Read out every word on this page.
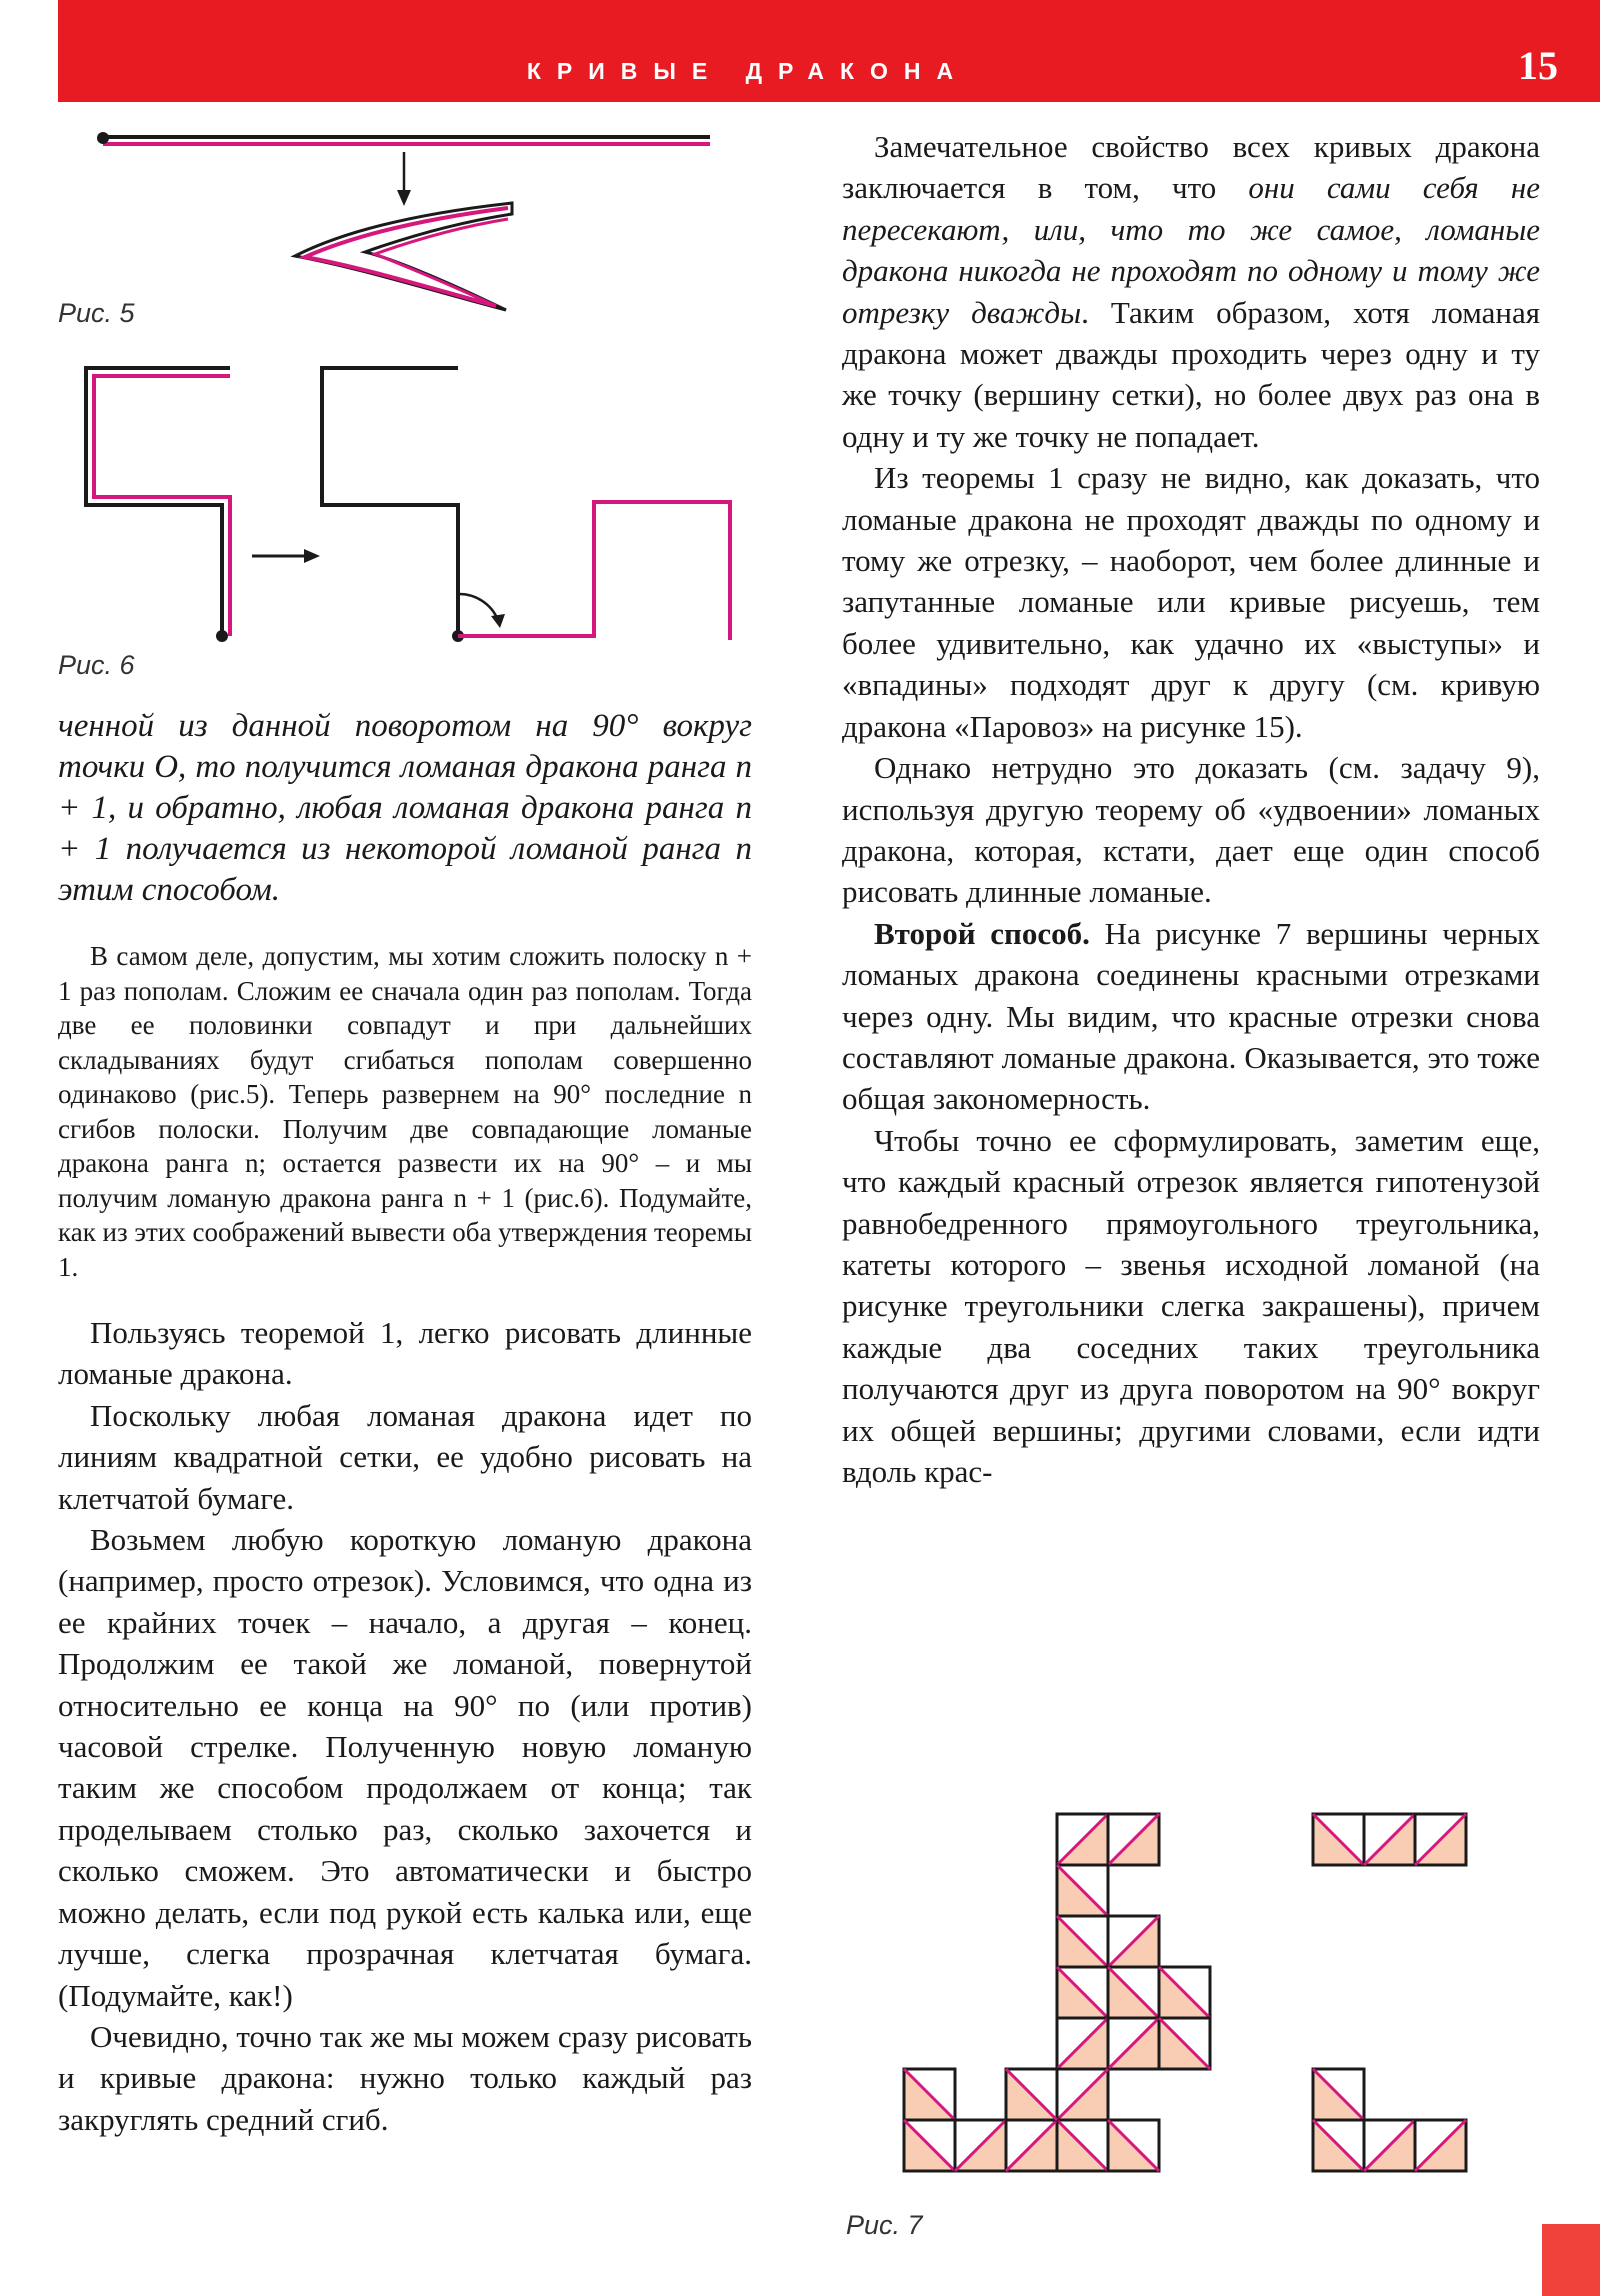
КРИВЫЕ ДРАКОНА	15
Рис. 5
Рис. 6

ченной из данной поворотом на 90° вокруг точки O, то получится ломаная дракона ранга n + 1, и обратно, любая ломаная дракона ранга n + 1 получается из некоторой ломаной ранга n этим способом.

В самом деле, допустим, мы хотим сложить полоску n + 1 раз пополам. Сложим ее сначала один раз пополам. Тогда две ее половинки совпадут и при дальнейших складываниях будут сгибаться пополам совершенно одинаково (рис.5). Теперь развернем на 90° последние n сгибов полоски. Получим две совпадающие ломаные дракона ранга n; остается развести их на 90° – и мы получим ломаную дракона ранга n + 1 (рис.6). Подумайте, как из этих соображений вывести оба утверждения теоремы 1.

Пользуясь теоремой 1, легко рисовать длинные ломаные дракона.

Поскольку любая ломаная дракона идет по линиям квадратной сетки, ее удобно рисовать на клетчатой бумаге.

Возьмем любую короткую ломаную дракона (например, просто отрезок). Условимся, что одна из ее крайних точек – начало, а другая – конец. Продолжим ее такой же ломаной, повернутой относительно ее конца на 90° по (или против) часовой стрелке. Полученную новую ломаную таким же способом продолжаем от конца; так проделываем столько раз, сколько захочется и сколько сможем. Это автоматически и быстро можно делать, если под рукой есть калька или, еще лучше, слегка прозрачная клетчатая бумага. (Подумайте, как!)

Очевидно, точно так же мы можем сразу рисовать и кривые дракона: нужно только каждый раз закруглять средний сгиб.

Замечательное свойство всех кривых дракона заключается в том, что они сами себя не пересекают, или, что то же самое, ломаные дракона никогда не проходят по одному и тому же отрезку дважды. Таким образом, хотя ломаная дракона может дважды проходить через одну и ту же точку (вершину сетки), но более двух раз она в одну и ту же точку не попадает.

Из теоремы 1 сразу не видно, как доказать, что ломаные дракона не проходят дважды по одному и тому же отрезку, – наоборот, чем более длинные и запутанные ломаные или кривые рисуешь, тем более удивительно, как удачно их «выступы» и «впадины» подходят друг к другу (см. кривую дракона «Паровоз» на рисунке 15).

Однако нетрудно это доказать (см. задачу 9), используя другую теорему об «удвоении» ломаных дракона, которая, кстати, дает еще один способ рисовать длинные ломаные.

Второй способ. На рисунке 7 вершины черных ломаных дракона соединены красными отрезками через одну. Мы видим, что красные отрезки снова составляют ломаные дракона. Оказывается, это тоже общая закономерность.

Чтобы точно ее сформулировать, заметим еще, что каждый красный отрезок является гипотенузой равнобедренного прямоугольного треугольника, катеты которого – звенья исходной ломаной (на рисунке треугольники слегка закрашены), причем каждые два соседних таких треугольника получаются друг из друга поворотом на 90° вокруг их общей вершины; другими словами, если идти вдоль крас-

Рис. 7
